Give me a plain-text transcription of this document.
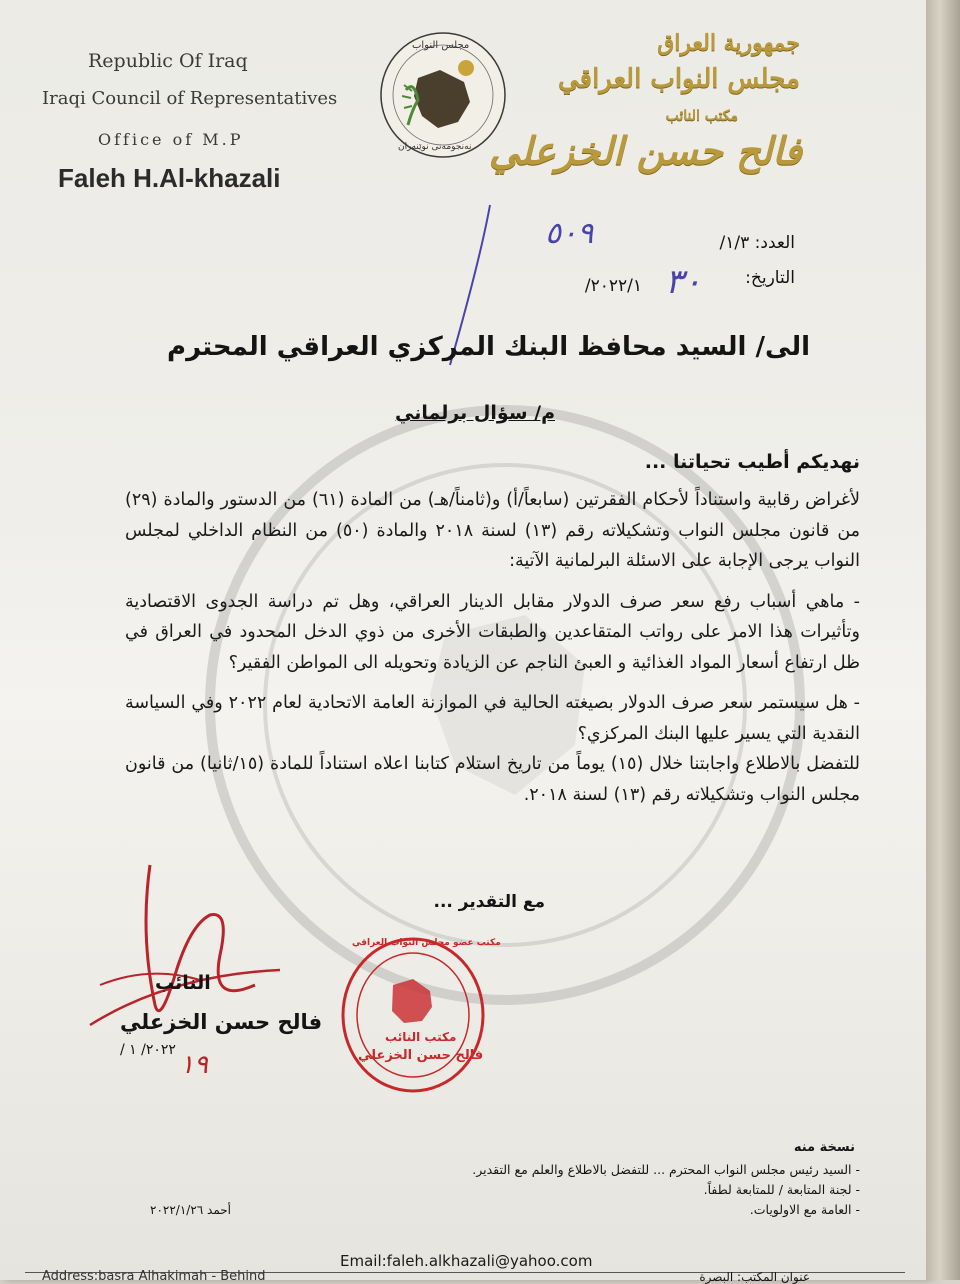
Republic Of Iraq
Iraqi Council of Representatives
Office of M.P
Faleh H.Al-khazali
مجلس النواب
نەنجومەنی نوێنەران
جمهورية العراق
مجلس النواب العراقي
مكتب النائب
فالح حسن الخزعلي
العدد: ١/٣/
٥٠٩
التاريخ:
٢٠٢٢/١/ ٣٠
الى/ السيد محافظ البنك المركزي العراقي المحترم
م/ سؤال برلماني
نهديكم أطيب تحياتنا ...

لأغراض رقابية واستناداً لأحكام الفقرتين (سابعاً/أ) و(ثامناً/هـ) من المادة (٦١) من الدستور والمادة (٢٩) من قانون مجلس النواب وتشكيلاته رقم (١٣) لسنة ٢٠١٨ والمادة (٥٠) من النظام الداخلي لمجلس النواب يرجى الإجابة على الاسئلة البرلمانية الآتية:

- ماهي أسباب رفع سعر صرف الدولار مقابل الدينار العراقي، وهل تم دراسة الجدوى الاقتصادية وتأثيرات هذا الامر على رواتب المتقاعدين والطبقات الأخرى من ذوي الدخل المحدود في العراق في ظل ارتفاع أسعار المواد الغذائية و العبئ الناجم عن الزيادة وتحويله الى المواطن الفقير؟

- هل سيستمر سعر صرف الدولار بصيغته الحالية في الموازنة العامة الاتحادية لعام ٢٠٢٢ وفي السياسة النقدية التي يسير عليها البنك المركزي؟

للتفضل بالاطلاع واجابتنا خلال (١٥) يوماً من تاريخ استلام كتابنا اعلاه استناداً للمادة (١٥/ثانيا) من قانون مجلس النواب وتشكيلاته رقم (١٣) لسنة ٢٠١٨.

مع التقدير ...
النائب
فالح حسن الخزعلي
٢٠٢٢/ ١ / ١٩
مكتب عضو مجلس النواب العراقي
مكتب النائب
فالح حسن الخزعلي
نسخة منه
- السيد رئيس مجلس النواب المحترم ... للتفضل بالاطلاع والعلم مع التقدير.
- لجنة المتابعة / للمتابعة لطفاً.
- العامة مع الاولويات.
أحمد ٢٠٢٢/١/٢٦
Email:faleh.alkhazali@yahoo.com
Address:basra Alhakimah - Behind	عنوان المكتب: البصرة
